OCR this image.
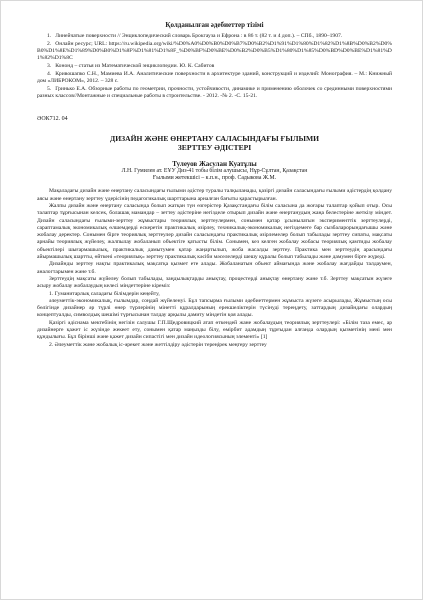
Қолданылған әдебиеттер тізімі
1. Линейчатые поверхности // Энциклопедический словарь Брокгауза и Ефрона : в 86 т. (82 т. и 4 доп.). – СПб., 1890–1907.
2. Онлайн ресурс; URL: https://ru.wikipedia.org/wiki/%D0%A0%D0%B0%D0%B7%D0%B2%D1%91%D1%80%D1%82%D1%8B%D0%B2%D0%B0%D1%8E%D1%89%D0%B0%D1%8F%D1%81%D1%8F_%D0%BF%D0%BE%D0%B2%D0%B5%D1%80%D1%85%D0%BD%D0%BE%D1%81%D1%82%D1%8C
3. Кононд – статья из Математической энциклопедии. Ю. К. Сабитов
4. Кривошапко С.Н., Мамиева И.А. Аналитические поверхности в архитектуре зданий, конструкций и изделий: Монография. – М.: Книжный дом «ЛИБРОКОМ», 2012. – 328 с.
5. Гринько Е.А. Обзорные работы по геометрии, прочности, устойчивости, динамике и применению оболочек со срединными поверхностями разных классов//Монтажные и специальные работы в строительстве. - 2012. -№ 2. -С. 15-21.
ӘОК712. 04
ДИЗАЙН ЖӘНЕ ӨНЕРТАНУ САЛАСЫНДАҒЫ ҒЫЛЫМИ
ЗЕРТТЕУ ӘДІСТЕРІ
Тулеуов Жасулан Куатұлы
Л.Н. Гумилев ат. ЕҰУ Диз-41 тобы білім алушысы, Нұр-Сұлтан, Қазақстан
Ғылыми жетекшісі – к.п.н., проф. Садыкова Ж.М.

Мақаладағы дизайн және өнертану саласындағы ғылыми әдістер туралы талқыланады, қазіргі дизайн саласындағы ғылыми әдістердің қолдану аясы және өнертану зерттеу үдерісінің педагогикалық шарттарына арналған бағыты қарастырылған.

Жалпы дизайн және өнертану саласында болып жатқан түн өзгерістер Қазақстандағы білім саласына да жоғары талаптар қойып отыр. Осы талаптар тұрғысынан келсек, болашақ мамандар – зеттеу әдістеріне негізделе отырып дизайн және өнертанудың жаңа белестеріне жеткізу міндет. Дизайн саласындағы ғылыми-зерттеу жұмыстары теориялық зерттеулермен, сонымен қатар ұсынылатын эксперименттік зерттеулерді, сараптамалық экономикалық өлшемдерді ескеретін практикалық әзірлеу, техникалық-экономикалық негіздемеге бар сызбаларорындағышы және жобалау деректер. Сонымен бірге теориялық зерттеулер дизайн саласындағы практикалық әзірлемелер болып табылады зерттеу сипаты, мақсаты арнайы теориялық жүйелеу, жалпылау жобаланып объектіге қатысты білім. Сонымен, кез келген жобалау жобасы теориялық қамтиды жобалау объектілері шығармашылық, практикалық дамытумен қатар жаңартылып, жоба жасалды зерттеу. Практика мен зерттеудің арасындағы айырмашылық шартты, өйткені «теориялық» зерттеу практикалық кәсіби мәселелерді шешу құралы болып табылады және дамумен бірге жүреді.

Дизайнды зерттеу нақты практикалық мақсатқа қызмет ете алады. Жобаланатын объект аймағында және жобалау жағдайды талдаумен, аналогтарымен және т.б.

Зерттеудің мақсаты жүйелеу болып табылады, заңдылықтарды анықтау, процестерді анықтау өнертану және т.б. Зерттеу мақсатын жүзеге асыру жобалау жобалаудың келесі міндеттеріне кіреміз:

1. Гуманитарлық саладағы білімдерін кеңейту,

әлеуметтік-экономикалық, ғылымдар, соңдай жүйеленуі. Бұл тапсырма ғылыми әдебиеттермен жұмыста жүзеге асырылады, Жұмыстың осы бөлігінде дизайнер әр түрлі өнер түрлерінің мінетті құралдарының ерекшеліктерін түсінуді тереңдету, заттардың дизайндағы олардың концептуалды, символдық шешімі түрғысынан талдау арқылы дамиту міндетін қоя алады.

Қазіргі әдіснама мектебінің негізін салушы Г.П.Щедровицкий атап өткендей жане жобалаудың теориялық зерттеулері: «Білім таза емес, ар дизайнерге қажет іс жүзінде жекеет ету, сонымен қатар маңызды білу, өмірбит адамдың тұрғыдан алғанда олардың қызметінің мені мен құндылығы. Бұл бірінші және қажет дизайн сипастігі мен дизайн идеологиясының элементі» [1]

2. Әлеуметтік және жобалық іс-әрекет және жеттілдіру әдістерін тереңірек меңгеру зерттеу
